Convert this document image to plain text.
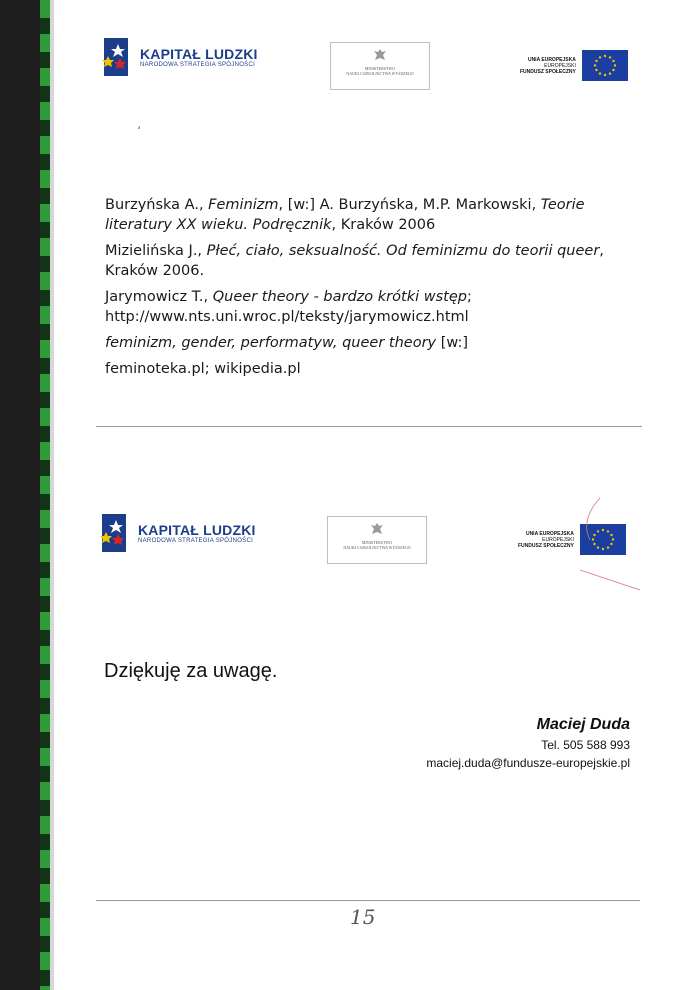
KAPITAŁ LUDZKI
NARODOWA STRATEGIA SPÓJNOŚCI
MINISTERSTWO
NAUKI I SZKOLNICTWA WYŻSZEGO
UNIA EUROPEJSKA
EUROPEJSKI
FUNDUSZ SPOŁECZNY
ʻ

Burzyńska A., Feminizm, [w:] A. Burzyńska, M.P. Markowski, Teorie literatury XX wieku. Podręcznik, Kraków 2006

Mizielińska J., Płeć, ciało, seksualność. Od feminizmu do teorii queer, Kraków 2006.

Jarymowicz T., Queer theory - bardzo krótki wstęp;
http://www.nts.uni.wroc.pl/teksty/jarymowicz.html

feminizm, gender, performatyw, queer theory [w:]

feminoteka.pl; wikipedia.pl

KAPITAŁ LUDZKI
NARODOWA STRATEGIA SPÓJNOŚCI	MINISTERSTWO
NAUKI I SZKOLNICTWA WYŻSZEGO
UNIA EUROPEJSKA
EUROPEJSKI
FUNDUSZ SPOŁECZNY
Dziękuję za uwagę.
Maciej Duda
Tel. 505 588 993
maciej.duda@fundusze-europejskie.pl
15
